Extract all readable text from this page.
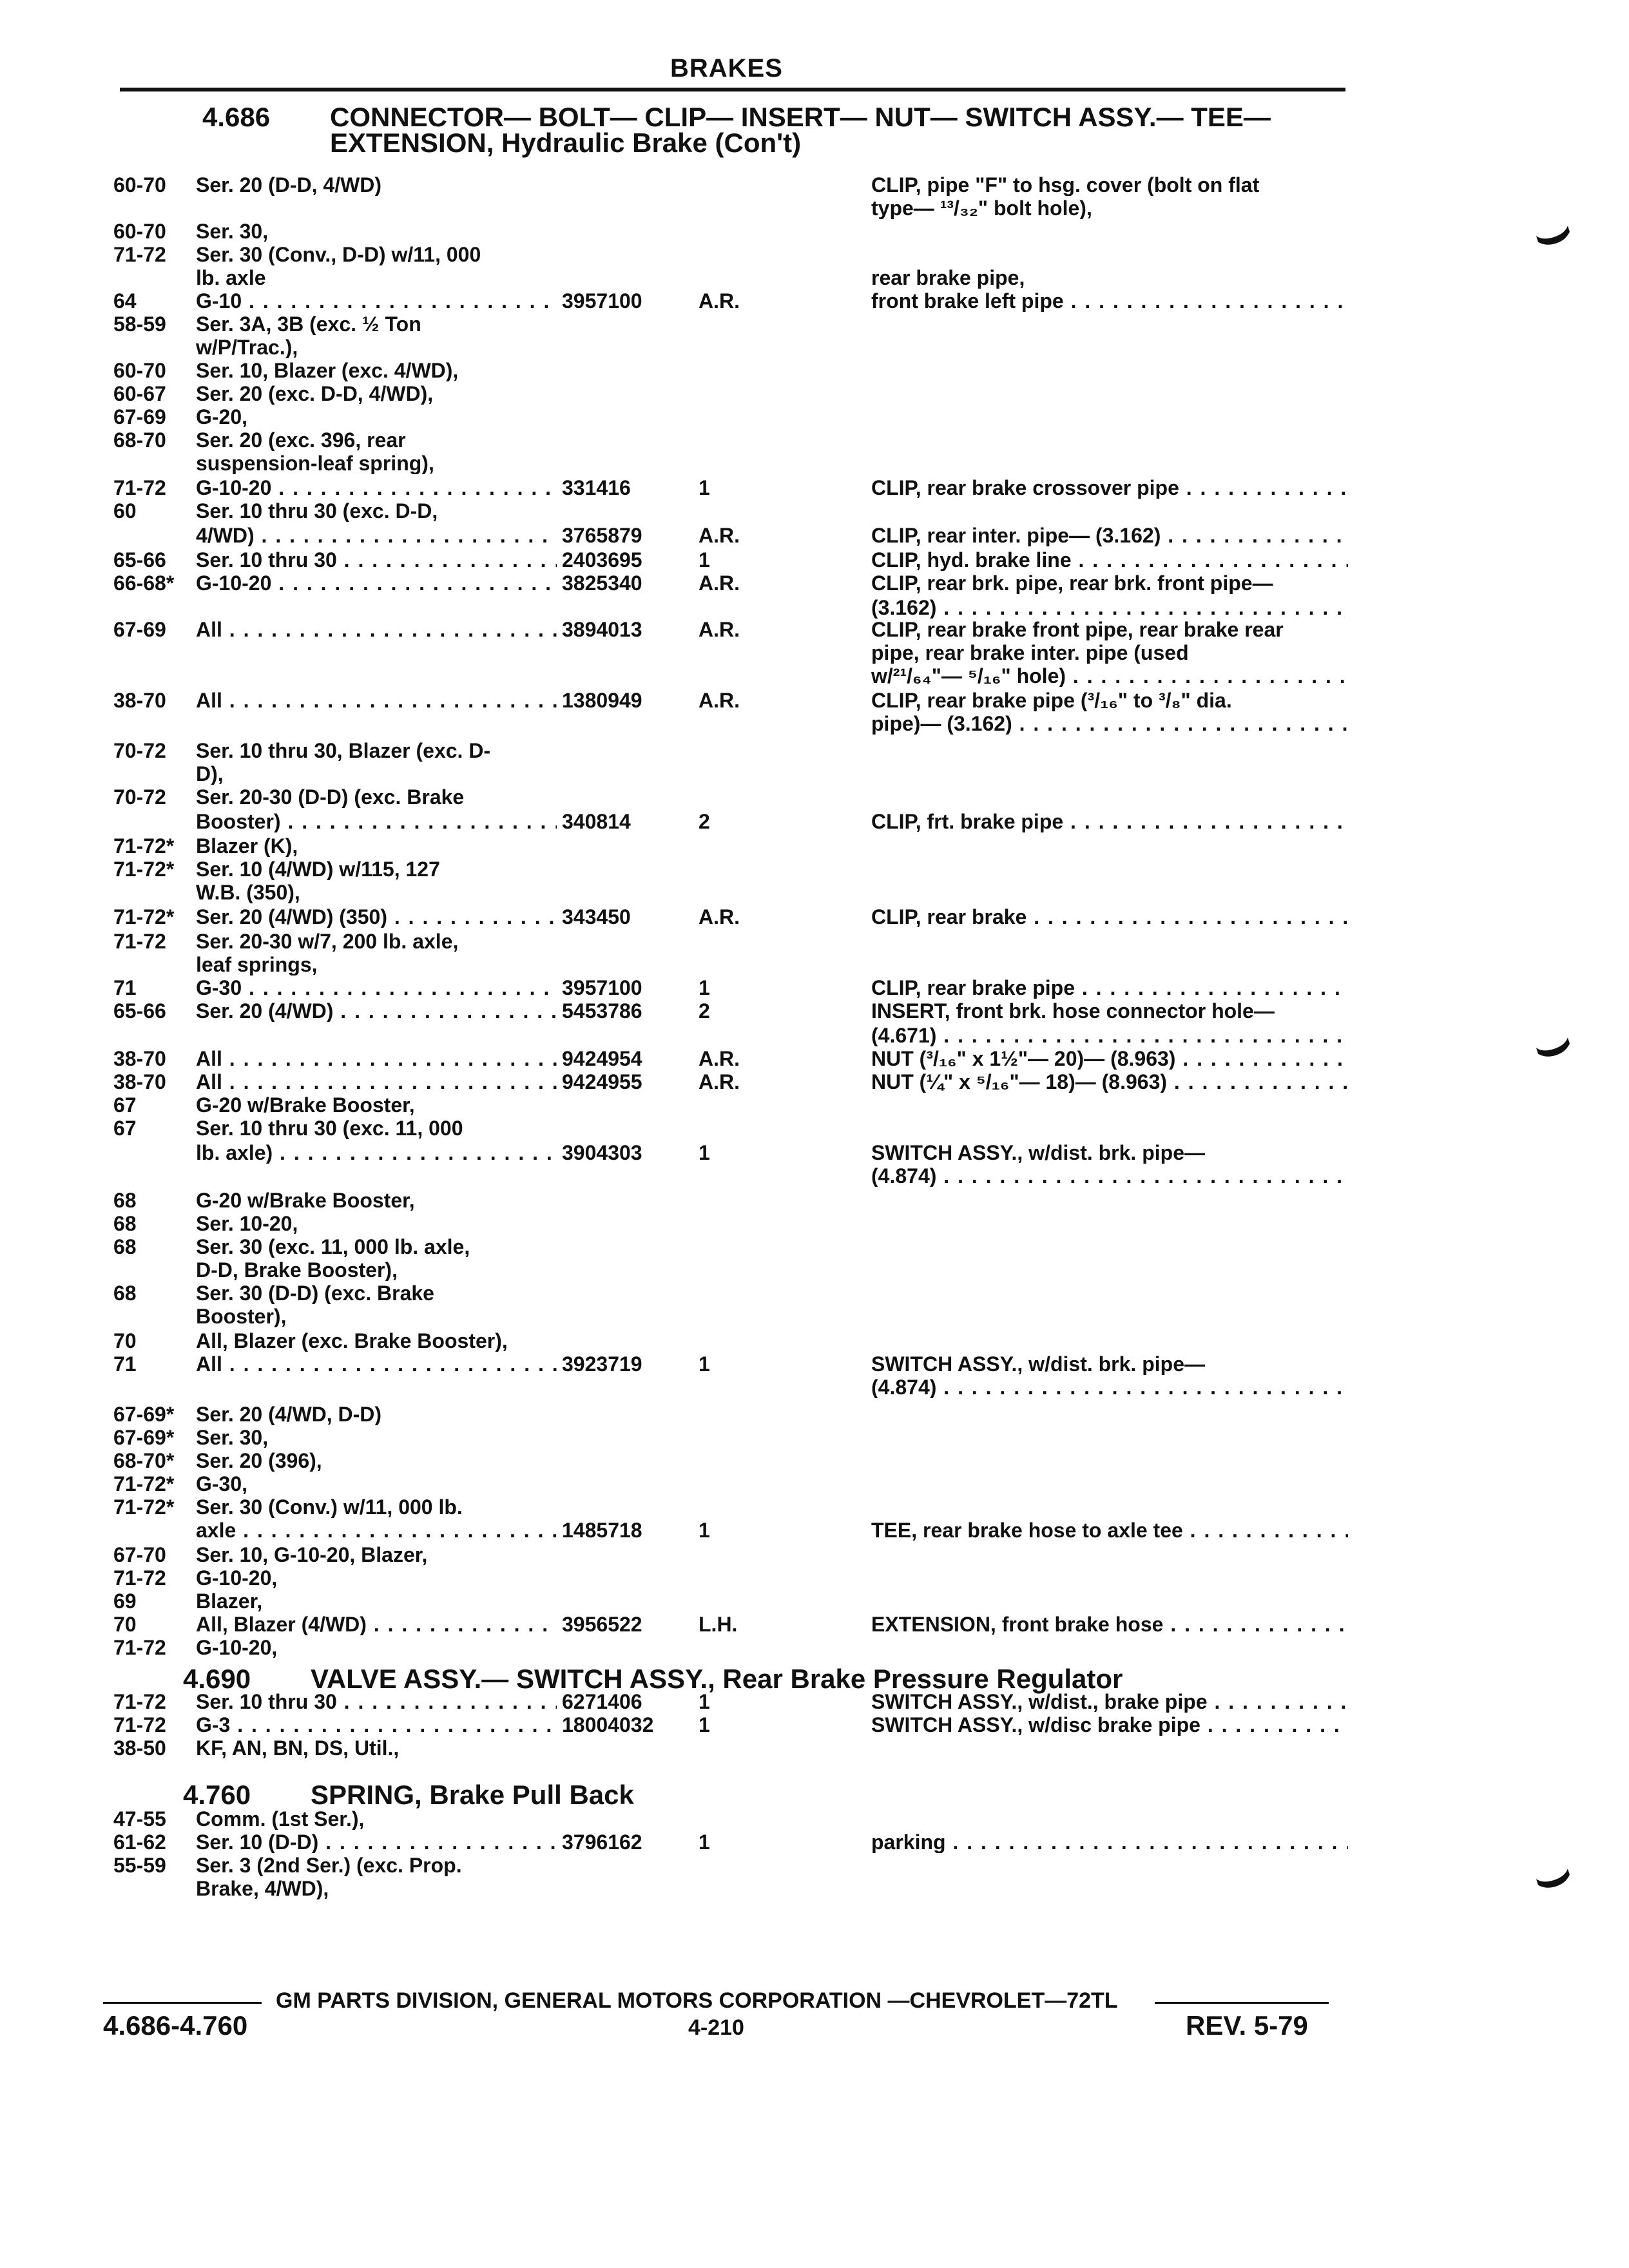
BRAKES
4.686 CONNECTOR— BOLT— CLIP— INSERT— NUT— SWITCH ASSY.— TEE—
EXTENSION, Hydraulic Brake (Con't)
60-70	Ser. 20 (D-D, 4/WD)	CLIP, pipe "F" to hsg. cover (bolt on flat
type— ¹³/₃₂" bolt hole),
60-70	Ser. 30,
71-72	Ser. 30 (Conv., D-D) w/11, 000
lb. axle	rear brake pipe,
64	G-10 . . .	3957100	A.R.	front brake left pipe . . .
58-59	Ser. 3A, 3B (exc. ½ Ton
w/P/Trac.),
60-70	Ser. 10, Blazer (exc. 4/WD),
60-67	Ser. 20 (exc. D-D, 4/WD),
67-69	G-20,
68-70	Ser. 20 (exc. 396, rear
suspension-leaf spring),
71-72	G-10-20 . . .	331416	1	CLIP, rear brake crossover pipe . . .
60	Ser. 10 thru 30 (exc. D-D,
4/WD) . . .	3765879	A.R.	CLIP, rear inter. pipe— (3.162) . . .
65-66	Ser. 10 thru 30 . . .	2403695	1	CLIP, hyd. brake line . . .
66-68*	G-10-20 . . .	3825340	A.R.	CLIP, rear brk. pipe, rear brk. front pipe—
(3.162) . . .
67-69	All . . .	3894013	A.R.	CLIP, rear brake front pipe, rear brake rear
pipe, rear brake inter. pipe (used
w/²¹/₆₄"— ⁵/₁₆" hole) . . .
38-70	All . . .	1380949	A.R.	CLIP, rear brake pipe (³/₁₆" to ³/₈" dia.
pipe)— (3.162) . . .
70-72	Ser. 10 thru 30, Blazer (exc. D-
D),
70-72	Ser. 20-30 (D-D) (exc. Brake
Booster) . . .	340814	2	CLIP, frt. brake pipe . . .
71-72*	Blazer (K),
71-72*	Ser. 10 (4/WD) w/115, 127
W.B. (350),
71-72*	Ser. 20 (4/WD) (350) . . .	343450	A.R.	CLIP, rear brake . . .
71-72	Ser. 20-30 w/7, 200 lb. axle,
leaf springs,
71	G-30 . . .	3957100	1	CLIP, rear brake pipe . . .
65-66	Ser. 20 (4/WD) . . .	5453786	2	INSERT, front brk. hose connector hole—
(4.671) . . .
38-70	All . . .	9424954	A.R.	NUT (³/₁₆" x 1½"— 20)— (8.963) . . .
38-70	All . . .	9424955	A.R.	NUT (¼" x ⁵/₁₆"— 18)— (8.963) . . .
67	G-20 w/Brake Booster,
67	Ser. 10 thru 30 (exc. 11, 000
lb. axle) . . .	3904303	1	SWITCH ASSY., w/dist. brk. pipe—
(4.874) . . .
68	G-20 w/Brake Booster,
68	Ser. 10-20,
68	Ser. 30 (exc. 11, 000 lb. axle,
D-D, Brake Booster),
68	Ser. 30 (D-D) (exc. Brake
Booster),
70	All, Blazer (exc. Brake Booster),
71	All . . .	3923719	1	SWITCH ASSY., w/dist. brk. pipe—
(4.874) . . .
67-69*	Ser. 20 (4/WD, D-D)
67-69*	Ser. 30,
68-70*	Ser. 20 (396),
71-72*	G-30,
71-72*	Ser. 30 (Conv.) w/11, 000 lb.
axle . . .	1485718	1	TEE, rear brake hose to axle tee . . .
67-70	Ser. 10, G-10-20, Blazer,
71-72	G-10-20,
69	Blazer,
70	All, Blazer (4/WD) . . .	3956522	L.H.	EXTENSION, front brake hose . . .
71-72	G-10-20,
71-72	Ser. 10 thru 30 . . .	6271406	1	SWITCH ASSY., w/dist., brake pipe . . .
71-72	G-3 . . .	18004032 1	SWITCH ASSY., w/disc brake pipe . . .
38-50	KF, AN, BN, DS, Util.,
47-55	Comm. (1st Ser.),
61-62	Ser. 10 (D-D) . . .	3796162	1	parking . . .
55-59	Ser. 3 (2nd Ser.) (exc. Prop.
Brake, 4/WD),
4.690 VALVE ASSY.— SWITCH ASSY., Rear Brake Pressure Regulator
4.760 SPRING, Brake Pull Back
⌣
⌣
⌣
GM PARTS DIVISION, GENERAL MOTORS CORPORATION —CHEVROLET—72TL
4.686-4.760	4-210	REV. 5-79
